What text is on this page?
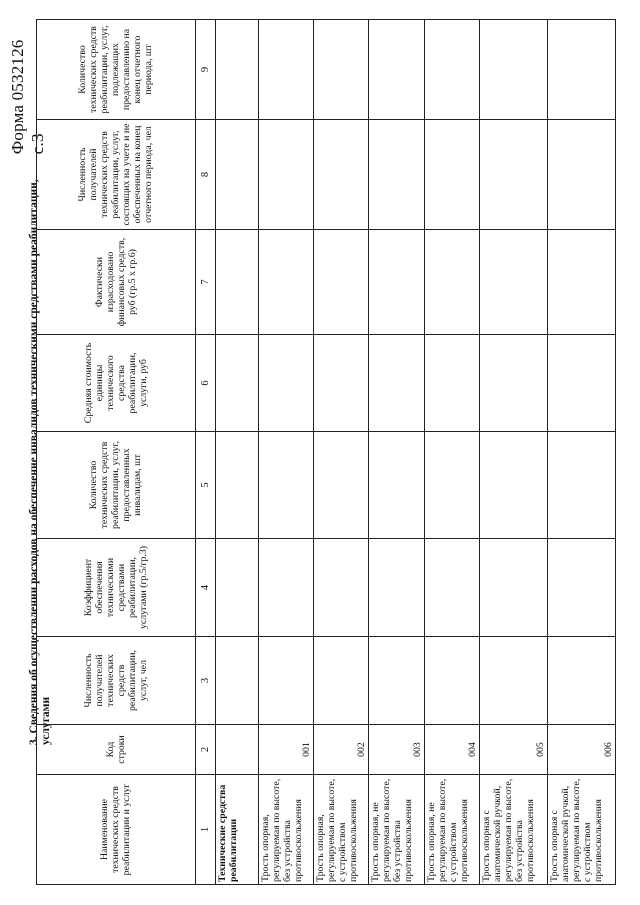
3. Сведения об осуществлении расходов на обеспечение инвалидов техническими средствами реабилитации, услугами
Форма 0532126 с.3
Наименование технических средств реабилитации и услуг	Код строки	Численность получателей технических средств реабилитации, услуг, чел	Коэффициент обеспечения техническими средствами реабилитации, услугами (гр.5/гр.3)	Количество технических средств реабилитации, услуг, предоставленных инвалидам, шт	Средняя стоимость единицы технического средства реабилитации, услуги, руб	Фактически израсходовано финансовых средств, руб (гр.5 х гр.6)	Численность получателей технических средств реабилитации, услуг, состоящих на учете и не обеспеченных на конец отчетного периода, чел	Количество технических средств реабилитации, услуг, подлежащих предоставлению на конец отчетного периода, шт
1	2	3	4	5	6	7	8	9
Технические средства реабилитации								
Трость опорная, регулируемая по высоте, без устройства противоскольжения	001							
Трость опорная, регулируемая по высоте, с устройством противоскольжения	002							
Трость опорная, не регулируемая по высоте, без устройства противоскольжения	003							
Трость опорная, не регулируемая по высоте, с устройством противоскольжения	004							
Трость опорная с анатомической ручкой, регулируемая по высоте, без устройства противоскольжения	005							
Трость опорная с анатомической ручкой, регулируемая по высоте, с устройством противоскольжения	006							
